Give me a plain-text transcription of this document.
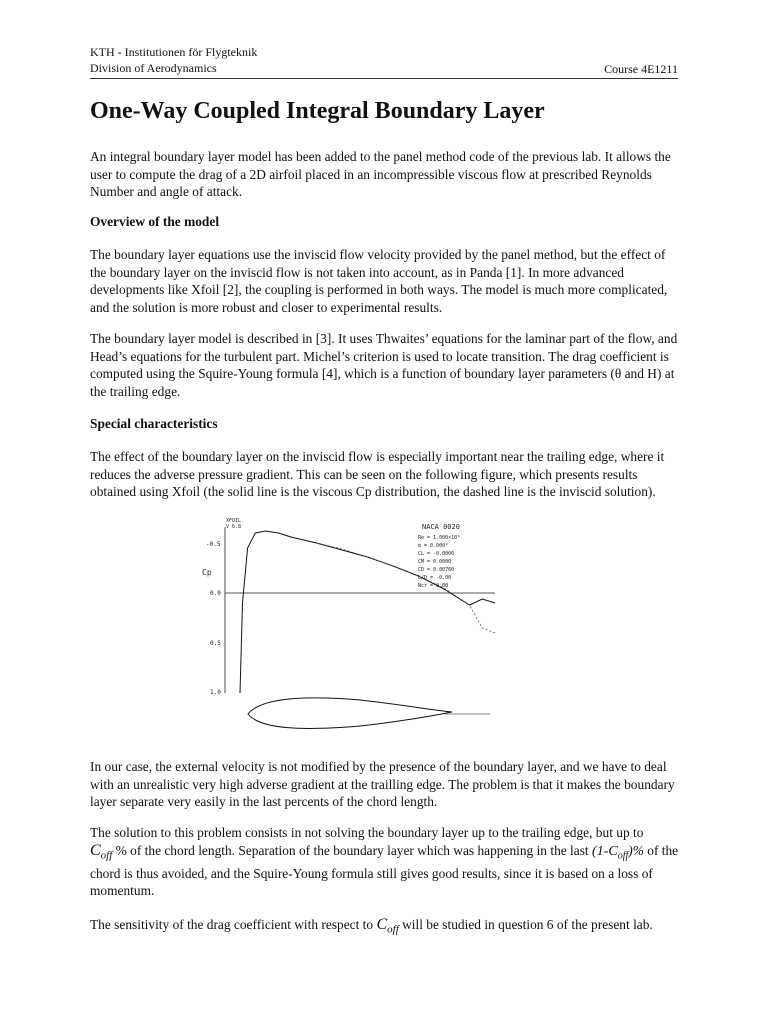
KTH - Institutionen för Flygteknik
Division of Aerodynamics	Course 4E1211
One-Way Coupled Integral Boundary Layer

An integral boundary layer model has been added to the panel method code of the previous lab. It allows the user to compute the drag of a 2D airfoil placed in an incompressible viscous flow at prescribed Reynolds Number and angle of attack.

Overview of the model

The boundary layer equations use the inviscid flow velocity provided by the panel method, but the effect of the boundary layer on the inviscid flow is not taken into account, as in Panda [1]. In more advanced developments like Xfoil [2], the coupling is performed in both ways. The model is much more complicated, and the solution is more robust and closer to experimental results.

The boundary layer model is described in [3]. It uses Thwaites’ equations for the laminar part of the flow, and Head’s equations for the turbulent part. Michel’s criterion is used to locate transition. The drag coefficient is computed using the Squire-Young formula [4], which is a function of boundary layer parameters (θ and H) at the trailing edge.

Special characteristics

The effect of the boundary layer on the inviscid flow is especially important near the trailing edge, where it reduces the adverse pressure gradient. This can be seen on the following figure, which presents results obtained using Xfoil (the solid line is the viscous Cp distribution, the dashed line is the inviscid solution).

XFOIL
V 6.8
Cp
-0.5
0.0
0.5
1.0
NACA 0020
Re = 1.000×10⁶
α = 0.000°
CL = -0.0000
CM = 0.0000
CD = 0.00760
L/D = -0.00
Ncr = 9.00

In our case, the external velocity is not modified by the presence of the boundary layer, and we have to deal with an unrealistic very high adverse gradient at the trailling edge. The problem is that it makes the boundary layer separate very easily in the last percents of the chord length.

The solution to this problem consists in not solving the boundary layer up to the trailing edge, but up to
$C_{off}$ % of the chord length. Separation of the boundary layer which was happening in the last $(1-C_{off})\%$ of the chord is thus avoided, and the Squire-Young formula still gives good results, since it is based on a loss of momentum.

The sensitivity of the drag coefficient with respect to $C_{off}$ will be studied in question 6 of the present lab.
